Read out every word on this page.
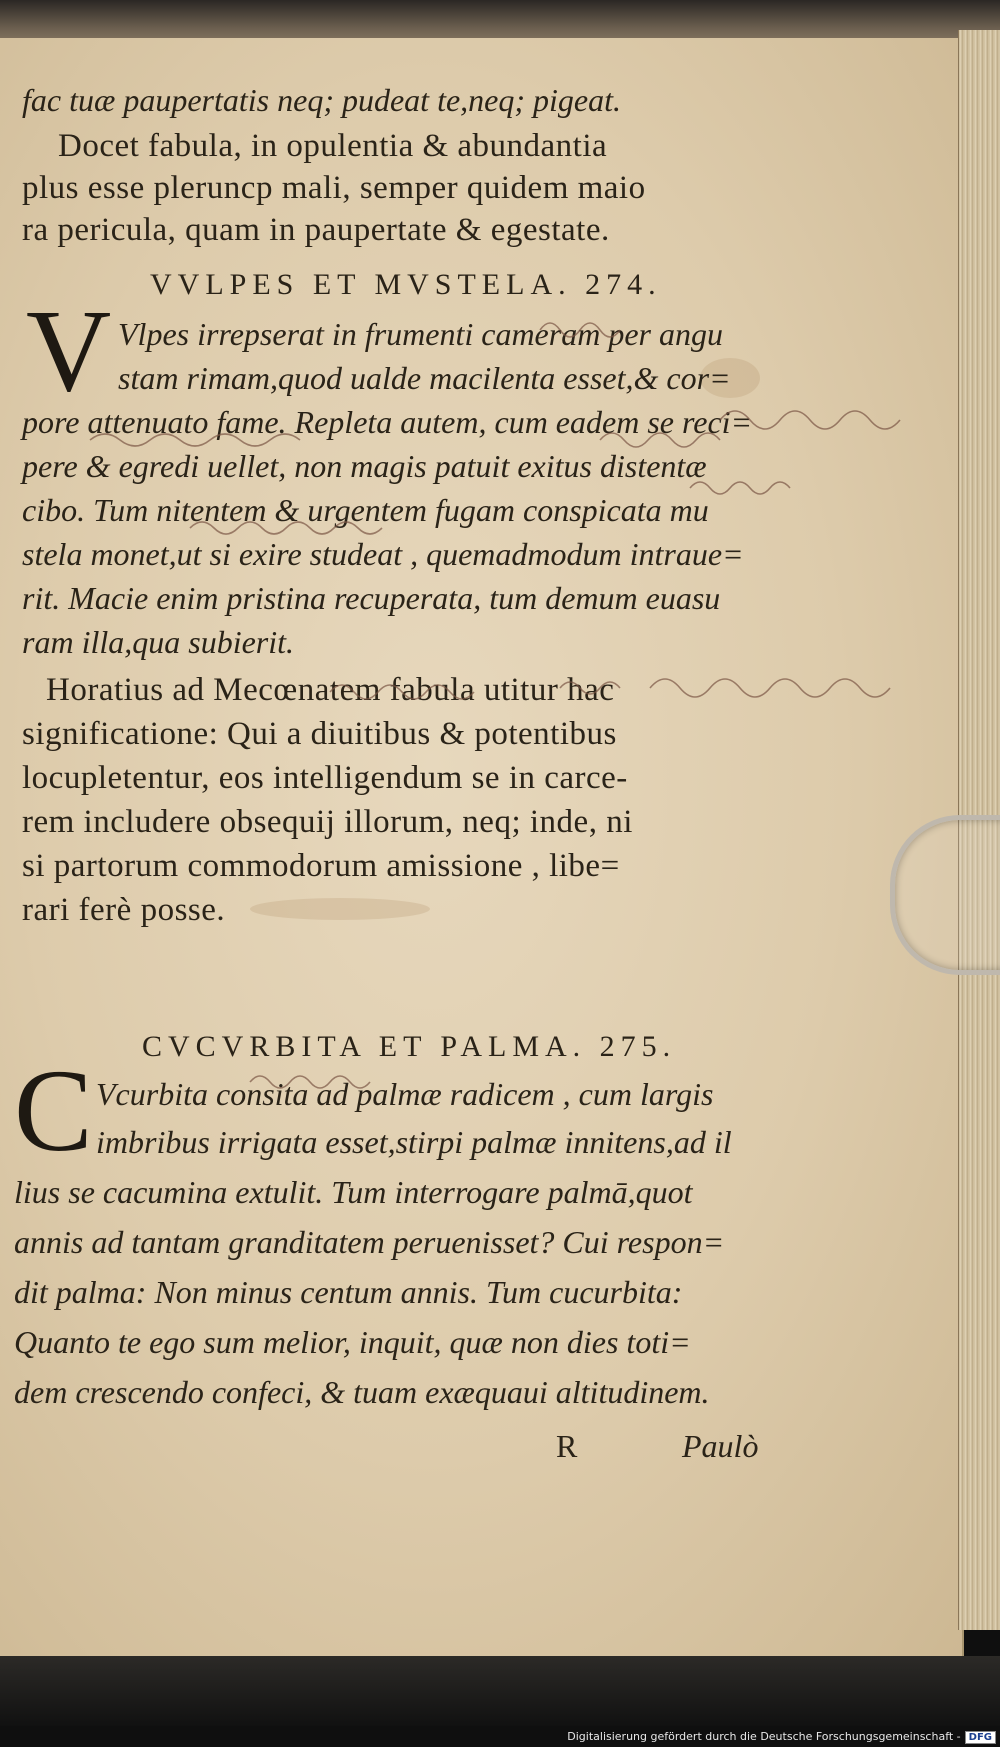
fac tuæ paupertatis neq; pudeat te,neq; pigeat.
Docet fabula, in opulentia & abundantia
plus esse pleruncp mali, semper quidem maio
ra pericula, quam in paupertate & egestate.
VVLPES ET MVSTELA. 274.
V Vlpes irrepserat in frumenti cameram per angu
stam rimam,quod ualde macilenta esset,& cor=
pore attenuato fame. Repleta autem, cum eadem se reci=
pere & egredi uellet, non magis patuit exitus distentæ
cibo. Tum nitentem & urgentem fugam conspicata mu
stela monet,ut si exire studeat , quemadmodum intraue=
rit. Macie enim pristina recuperata, tum demum euasu
ram illa,qua subierit.
Horatius ad Mecœnatem fabula utitur hac
significatione: Qui a diuitibus & potentibus
locupletentur, eos intelligendum se in carce-
rem includere obsequij illorum, neq; inde, ni
si partorum commodorum amissione , libe=
rari ferè posse.
CVCVRBITA ET PALMA. 275.
C Vcurbita consita ad palmæ radicem , cum largis
imbribus irrigata esset,stirpi palmæ innitens,ad il
lius se cacumina extulit. Tum interrogare palmā,quot
annis ad tantam granditatem peruenisset? Cui respon=
dit palma: Non minus centum annis. Tum cucurbita:
Quanto te ego sum melior, inquit, quæ non dies toti=
dem crescendo confeci, & tuam exæquaui altitudinem.
R	Paulò
Digitalisierung gefördert durch die Deutsche Forschungsgemeinschaft - DFG
